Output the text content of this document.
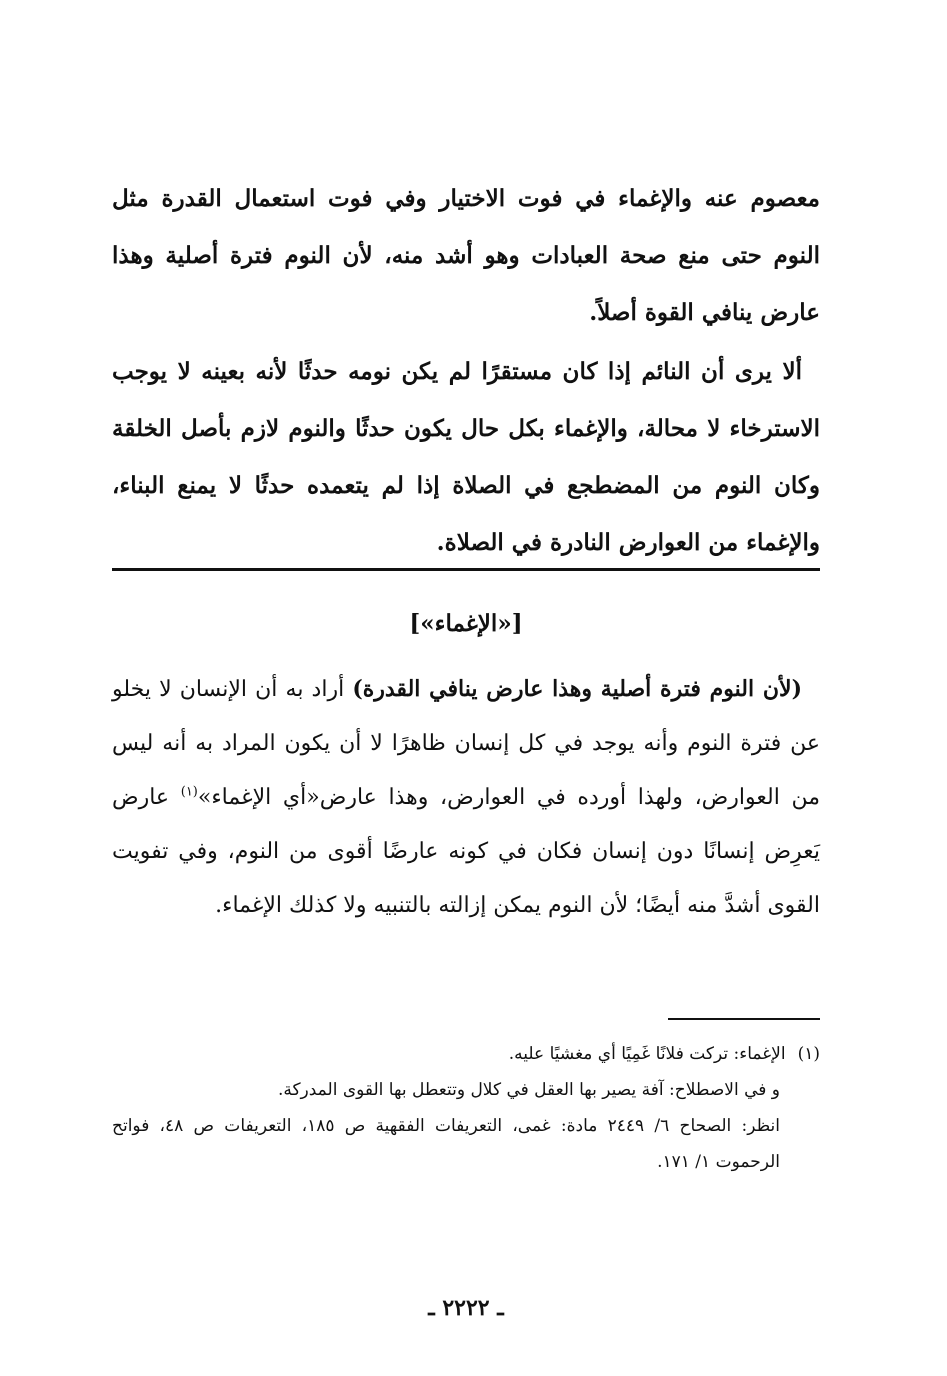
معصوم عنه والإغماء في فوت الاختيار وفي فوت استعمال القدرة مثل النوم حتى منع صحة العبادات وهو أشد منه، لأن النوم فترة أصلية وهذا عارض ينافي القوة أصلاً.

ألا يرى أن النائم إذا كان مستقرًا لم يكن نومه حدثًا لأنه بعينه لا يوجب الاسترخاء لا محالة، والإغماء بكل حال يكون حدثًا والنوم لازم بأصل الخلقة وكان النوم من المضطجع في الصلاة إذا لم يتعمده حدثًا لا يمنع البناء، والإغماء من العوارض النادرة في الصلاة.

[«الإغماء»]

(لأن النوم فترة أصلية وهذا عارض ينافي القدرة) أراد به أن الإنسان لا يخلو عن فترة النوم وأنه يوجد في كل إنسان ظاهرًا لا أن يكون المراد به أنه ليس من العوارض، ولهذا أورده في العوارض، وهذا عارض«أي الإغماء»$^{(١)}$ عارض يَعرِض إنسانًا دون إنسان فكان في كونه عارضًا أقوى من النوم، وفي تفويت القوى أشدَّ منه أيضًا؛ لأن النوم يمكن إزالته بالتنبيه ولا كذلك الإغماء.

(١)الإغماء: تركت فلانًا غَمِيًا أي مغشيًا عليه.

و في الاصطلاح: آفة يصير بها العقل في كلال وتتعطل بها القوى المدركة.

انظر: الصحاح ٦/ ٢٤٤٩ مادة: غمى، التعريفات الفقهية ص ١٨٥، التعريفات ص ٤٨، فواتح الرحموت ١/ ١٧١.

ـ ٢٢٢٢ ـ
